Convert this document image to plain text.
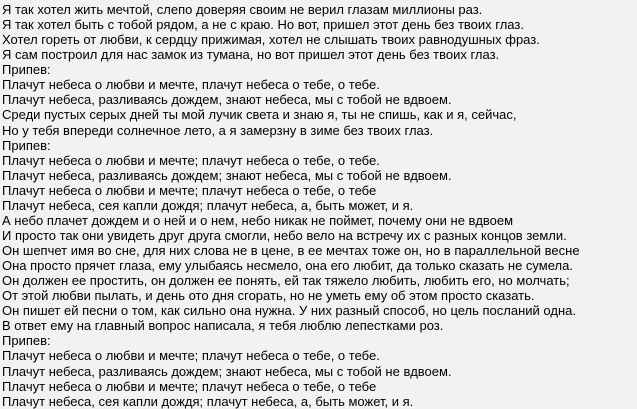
Я так хотел жить мечтой, слепо доверяя своим не верил глазам миллионы раз.
Я так хотел быть с тобой рядом, а не с краю. Но вот, пришел этот день без твоих глаз.
Хотел гореть от любви, к сердцу прижимая, хотел не слышать твоих равнодушных фраз.
Я сам построил для нас замок из тумана, но вот пришел этот день без твоих глаз.
Припев:
Плачут небеса о любви и мечте, плачут небеса о тебе, о тебе.
Плачут небеса, разливаясь дождем, знают небеса, мы с тобой не вдвоем.
Среди пустых серых дней ты мой лучик света и знаю я, ты не спишь, как и я, сейчас,
Но у тебя впереди солнечное лето, а я замерзну в зиме без твоих глаз.
Припев:
Плачут небеса о любви и мечте; плачут небеса о тебе, о тебе.
Плачут небеса, разливаясь дождем; знают небеса, мы с тобой не вдвоем.
Плачут небеса о любви и мечте; плачут небеса о тебе, о тебе
Плачут небеса, сея капли дождя; плачут небеса, а, быть может, и я.
А небо плачет дождем и о ней и о нем, небо никак не поймет, почему они не вдвоем
И просто так они увидеть друг друга смогли, небо вело на встречу их с разных концов земли.
Он шепчет имя во сне, для них слова не в цене, в ее мечтах тоже он, но в параллельной весне
Она просто прячет глаза, ему улыбаясь несмело, она его любит, да только сказать не сумела.
Он должен ее простить, он должен ее понять, ей так тяжело любить, любить его, но молчать;
От этой любви пылать, и день ото дня сгорать, но не уметь ему об этом просто сказать.
Он пишет ей песни о том, как сильно она нужна. У них разный способ, но цель посланий одна.
В ответ ему на главный вопрос написала, я тебя люблю лепестками роз.
Припев:
Плачут небеса о любви и мечте; плачут небеса о тебе, о тебе.
Плачут небеса, разливаясь дождем; знают небеса, мы с тобой не вдвоем.
Плачут небеса о любви и мечте; плачут небеса о тебе, о тебе
Плачут небеса, сея капли дождя; плачут небеса, а, быть может, и я.
